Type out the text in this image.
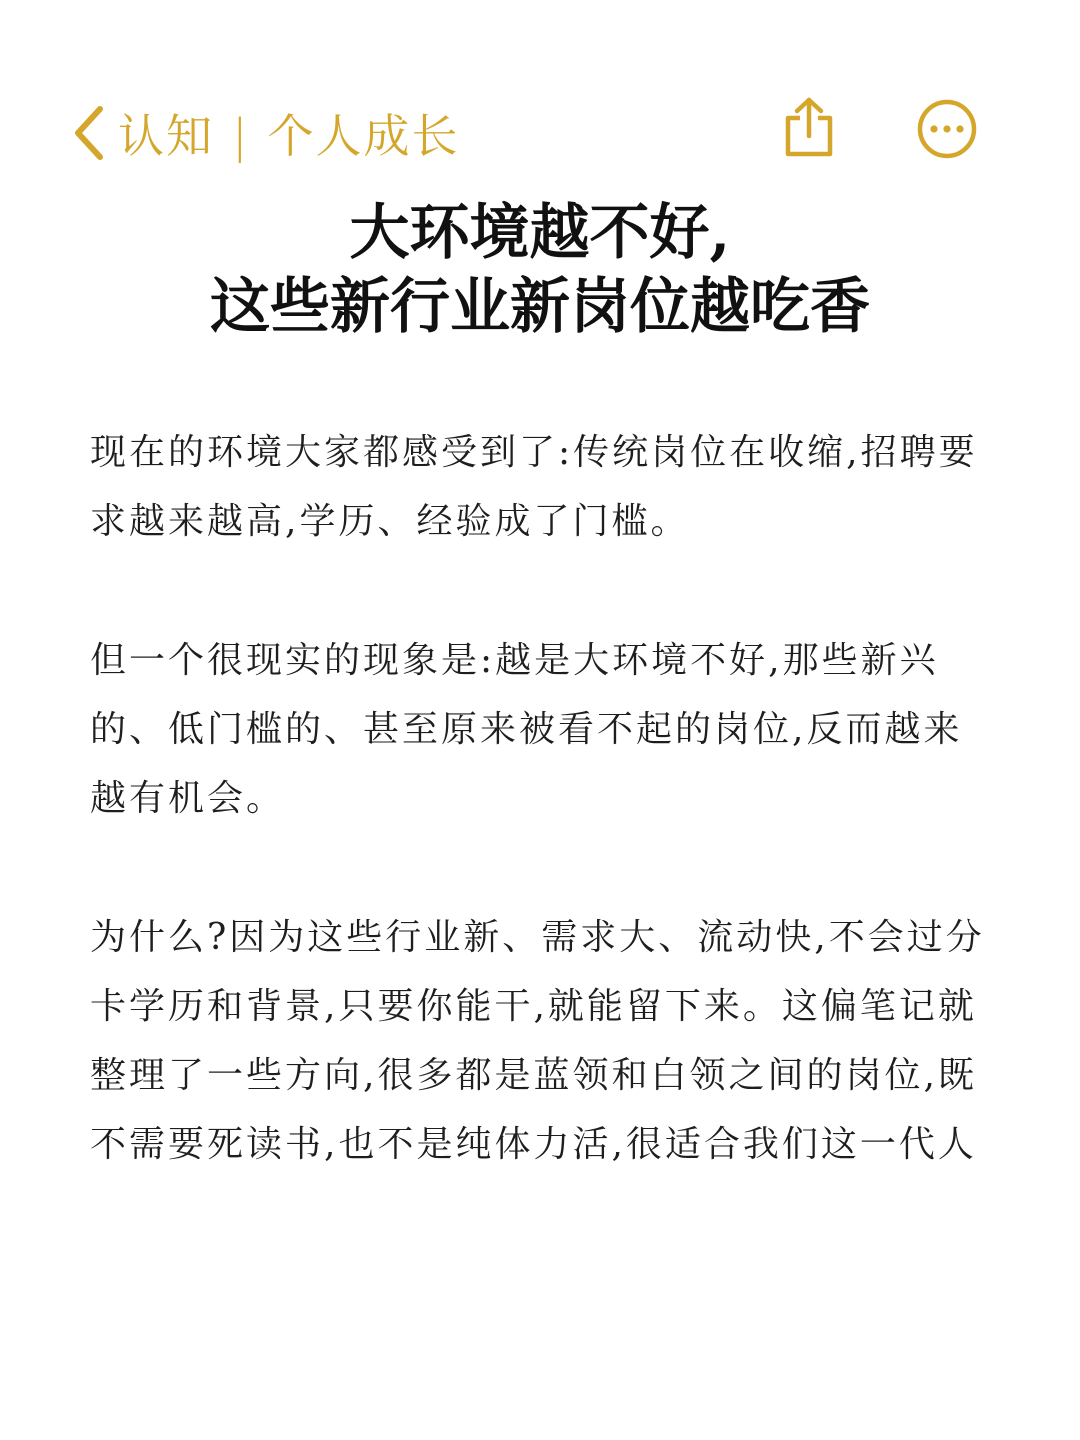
认知 | 个人成长
大环境越不好,
这些新行业新岗位越吃香

现在的环境大家都感受到了:传统岗位在收缩,招聘要求越来越高,学历、经验成了门槛。

但一个很现实的现象是:越是大环境不好,那些新兴的、低门槛的、甚至原来被看不起的岗位,反而越来越有机会。

为什么?因为这些行业新、需求大、流动快,不会过分卡学历和背景,只要你能干,就能留下来。这偏笔记就整理了一些方向,很多都是蓝领和白领之间的岗位,既不需要死读书,也不是纯体力活,很适合我们这一代人
